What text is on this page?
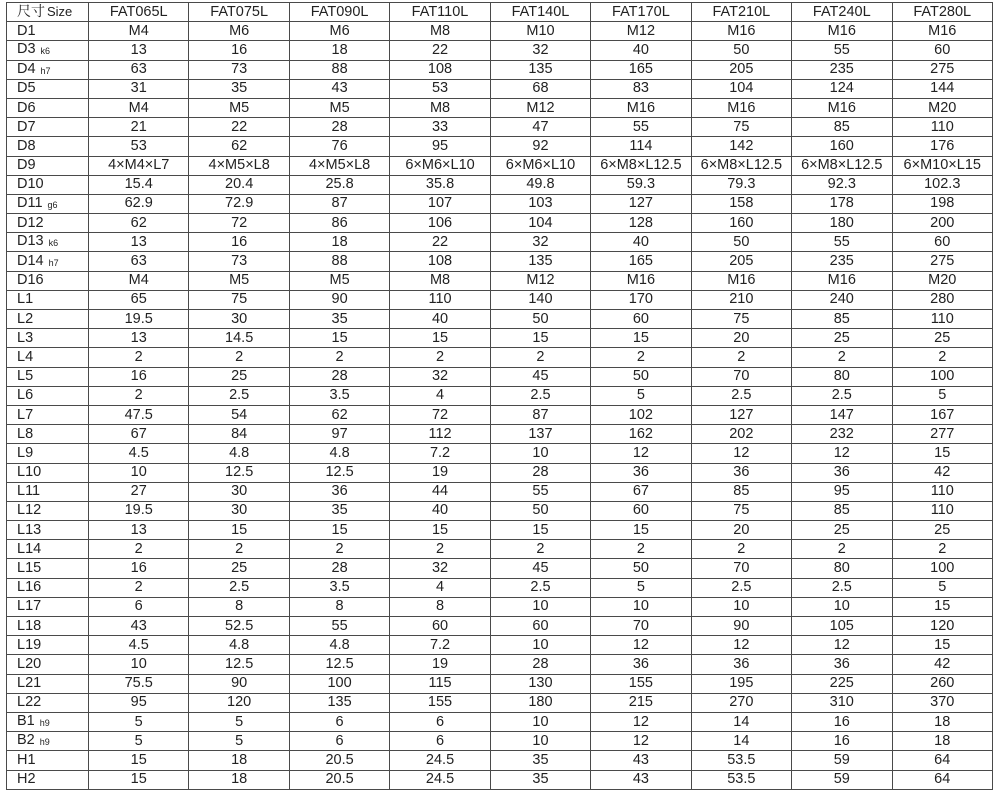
尺寸 Size	FAT065L	FAT075L	FAT090L	FAT110L	FAT140L	FAT170L	FAT210L	FAT240L	FAT280L
D1	M4	M6	M6	M8	M10	M12	M16	M16	M16
D3 k6	13	16	18	22	32	40	50	55	60
D4 h7	63	73	88	108	135	165	205	235	275
D5	31	35	43	53	68	83	104	124	144
D6	M4	M5	M5	M8	M12	M16	M16	M16	M20
D7	21	22	28	33	47	55	75	85	110
D8	53	62	76	95	92	114	142	160	176
D9	4×M4×L7	4×M5×L8	4×M5×L8	6×M6×L10	6×M6×L10	6×M8×L12.5	6×M8×L12.5	6×M8×L12.5	6×M10×L15
D10	15.4	20.4	25.8	35.8	49.8	59.3	79.3	92.3	102.3
D11 g6	62.9	72.9	87	107	103	127	158	178	198
D12	62	72	86	106	104	128	160	180	200
D13 k6	13	16	18	22	32	40	50	55	60
D14 h7	63	73	88	108	135	165	205	235	275
D16	M4	M5	M5	M8	M12	M16	M16	M16	M20
L1	65	75	90	110	140	170	210	240	280
L2	19.5	30	35	40	50	60	75	85	110
L3	13	14.5	15	15	15	15	20	25	25
L4	2	2	2	2	2	2	2	2	2
L5	16	25	28	32	45	50	70	80	100
L6	2	2.5	3.5	4	2.5	5	2.5	2.5	5
L7	47.5	54	62	72	87	102	127	147	167
L8	67	84	97	112	137	162	202	232	277
L9	4.5	4.8	4.8	7.2	10	12	12	12	15
L10	10	12.5	12.5	19	28	36	36	36	42
L11	27	30	36	44	55	67	85	95	110
L12	19.5	30	35	40	50	60	75	85	110
L13	13	15	15	15	15	15	20	25	25
L14	2	2	2	2	2	2	2	2	2
L15	16	25	28	32	45	50	70	80	100
L16	2	2.5	3.5	4	2.5	5	2.5	2.5	5
L17	6	8	8	8	10	10	10	10	15
L18	43	52.5	55	60	60	70	90	105	120
L19	4.5	4.8	4.8	7.2	10	12	12	12	15
L20	10	12.5	12.5	19	28	36	36	36	42
L21	75.5	90	100	115	130	155	195	225	260
L22	95	120	135	155	180	215	270	310	370
B1 h9	5	5	6	6	10	12	14	16	18
B2 h9	5	5	6	6	10	12	14	16	18
H1	15	18	20.5	24.5	35	43	53.5	59	64
H2	15	18	20.5	24.5	35	43	53.5	59	64
